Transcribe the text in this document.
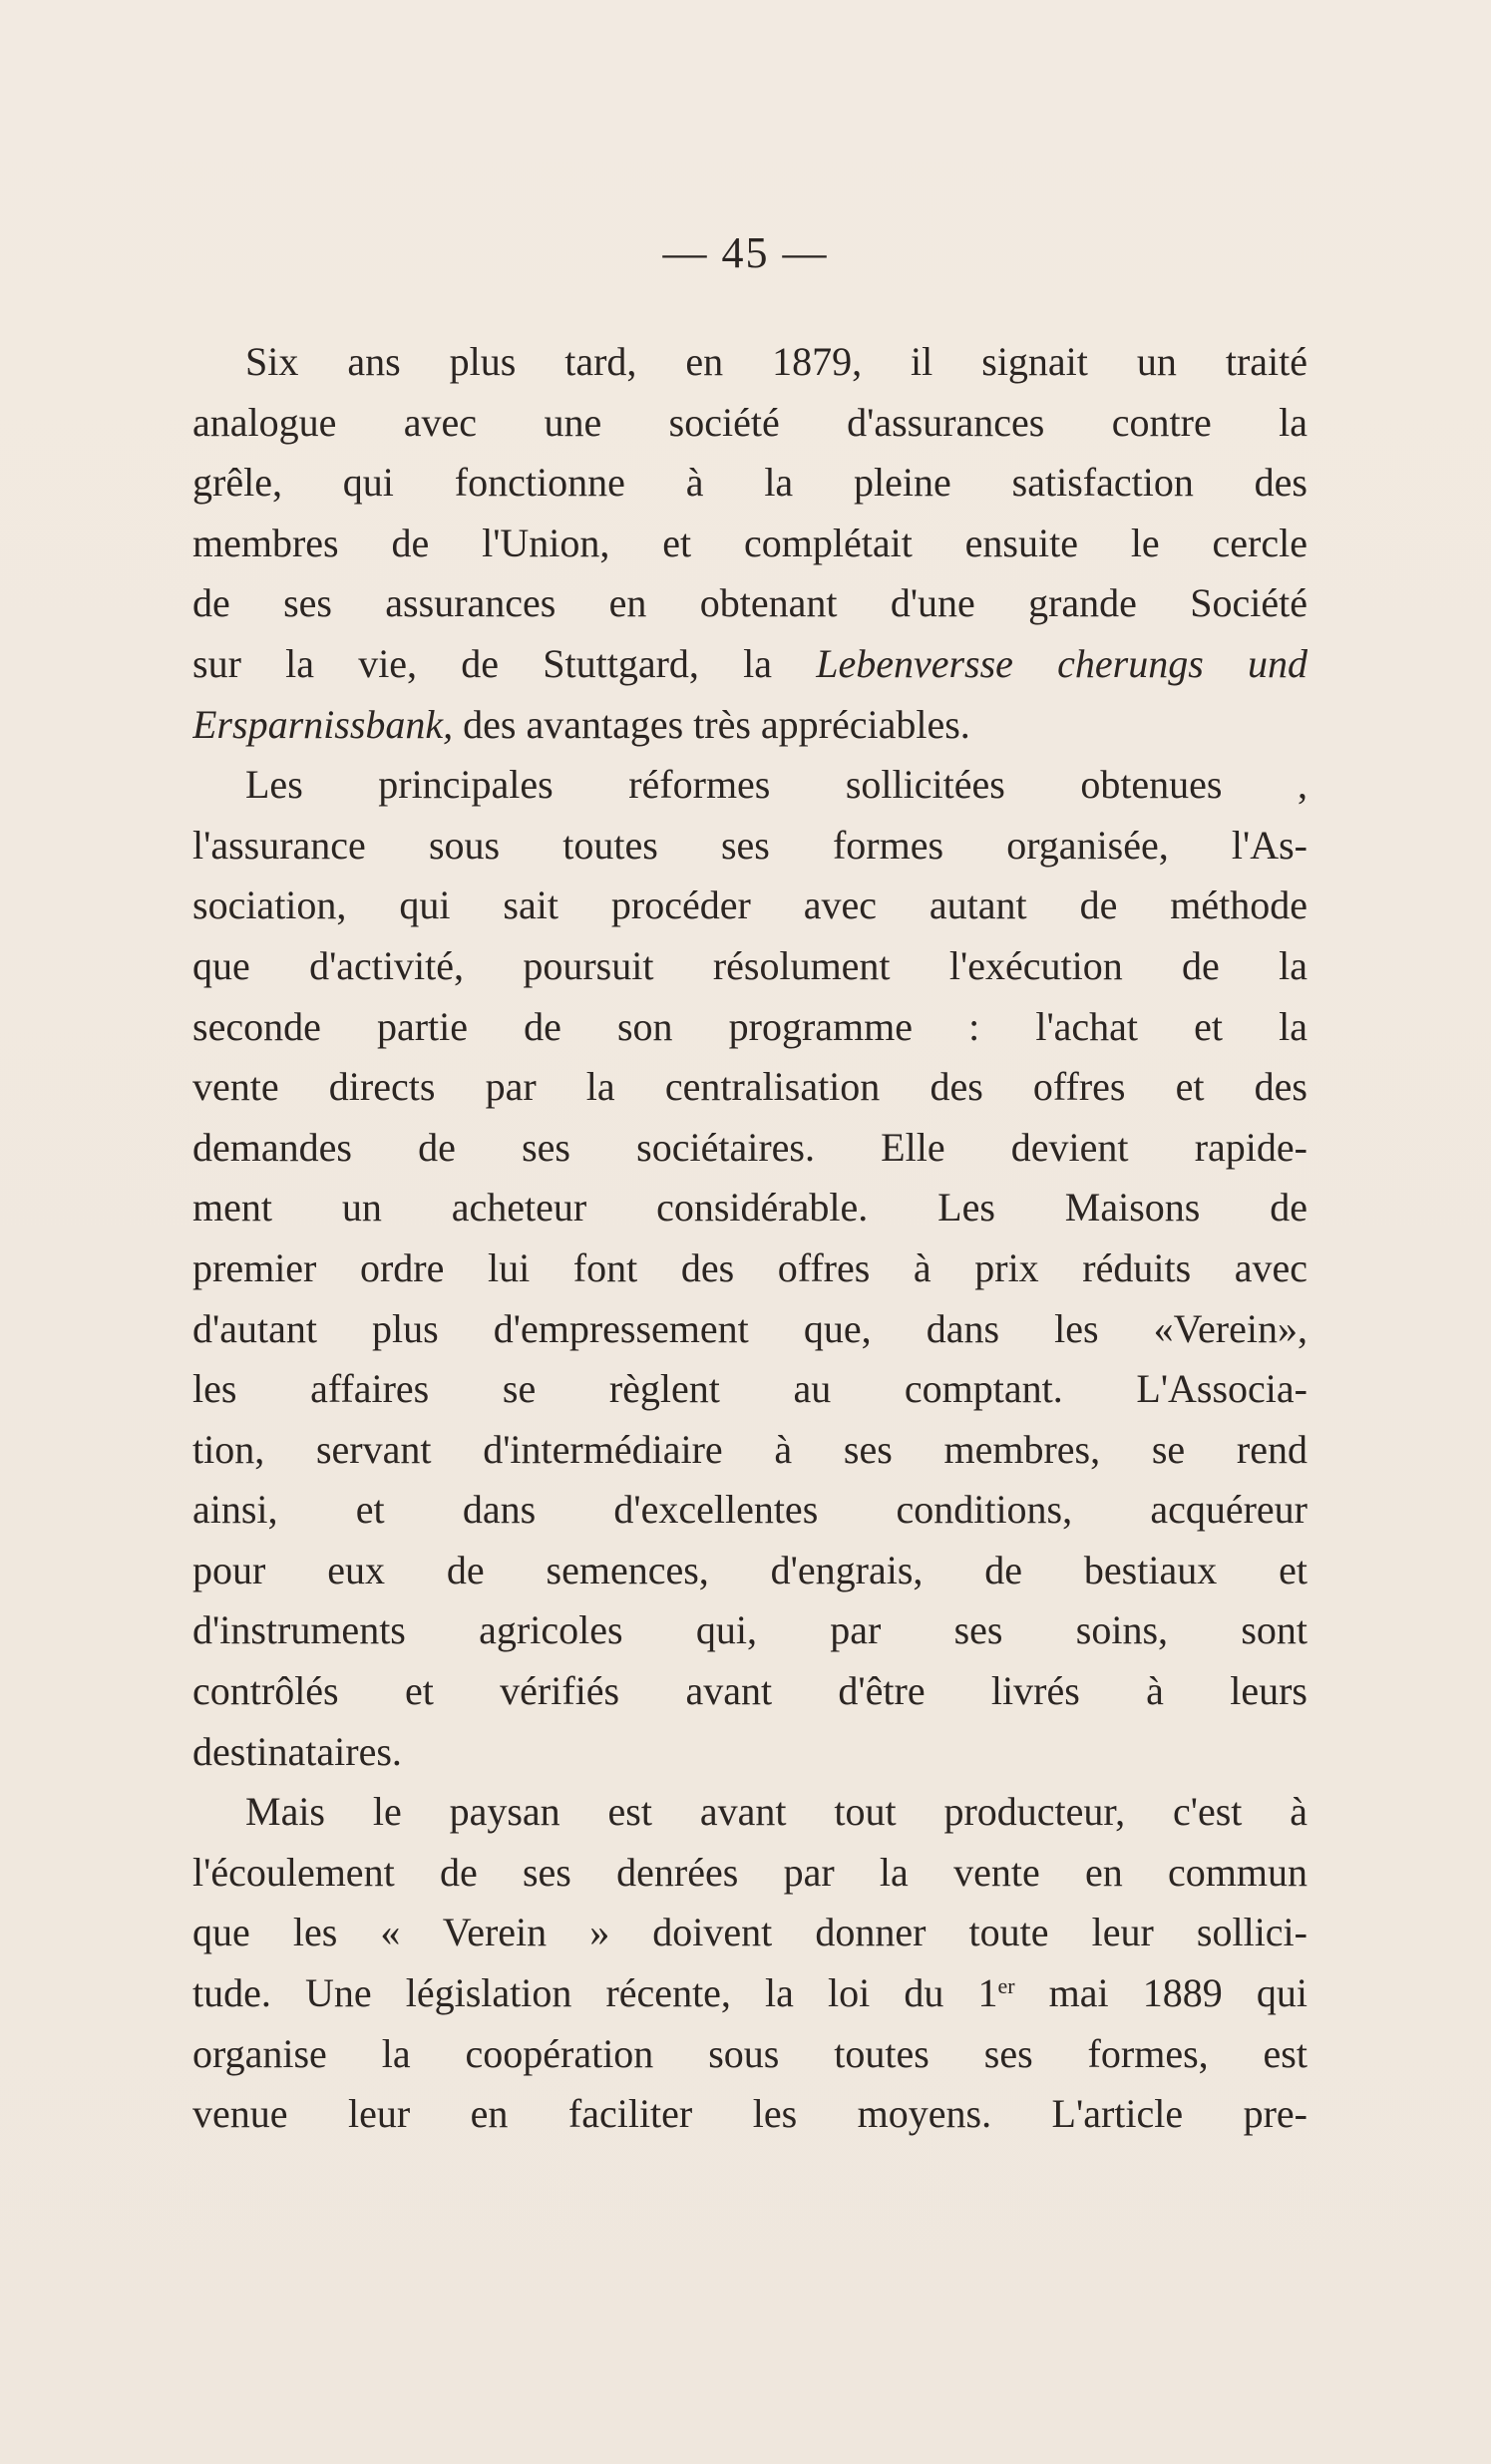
— 45 —
Six ans plus tard, en 1879, il signait un traité
analogue avec une société d'assurances contre la
grêle, qui fonctionne à la pleine satisfaction des
membres de l'Union, et complétait ensuite le cercle
de ses assurances en obtenant d'une grande Société
sur la vie, de Stuttgard, la Lebenversse cherungs und
Ersparnissbank, des avantages très appréciables.
Les principales réformes sollicitées obtenues ,
l'assurance sous toutes ses formes organisée, l'As-
sociation, qui sait procéder avec autant de méthode
que d'activité, poursuit résolument l'exécution de la
seconde partie de son programme : l'achat et la
vente directs par la centralisation des offres et des
demandes de ses sociétaires. Elle devient rapide-
ment un acheteur considérable. Les Maisons de
premier ordre lui font des offres à prix réduits avec
d'autant plus d'empressement que, dans les «Verein»,
les affaires se règlent au comptant. L'Associa-
tion, servant d'intermédiaire à ses membres, se rend
ainsi, et dans d'excellentes conditions, acquéreur
pour eux de semences, d'engrais, de bestiaux et
d'instruments agricoles qui, par ses soins, sont
contrôlés et vérifiés avant d'être livrés à leurs
destinataires.
Mais le paysan est avant tout producteur, c'est à
l'écoulement de ses denrées par la vente en commun
que les « Verein » doivent donner toute leur sollici-
tude. Une législation récente, la loi du 1er mai 1889 qui
organise la coopération sous toutes ses formes, est
venue leur en faciliter les moyens. L'article pre-
